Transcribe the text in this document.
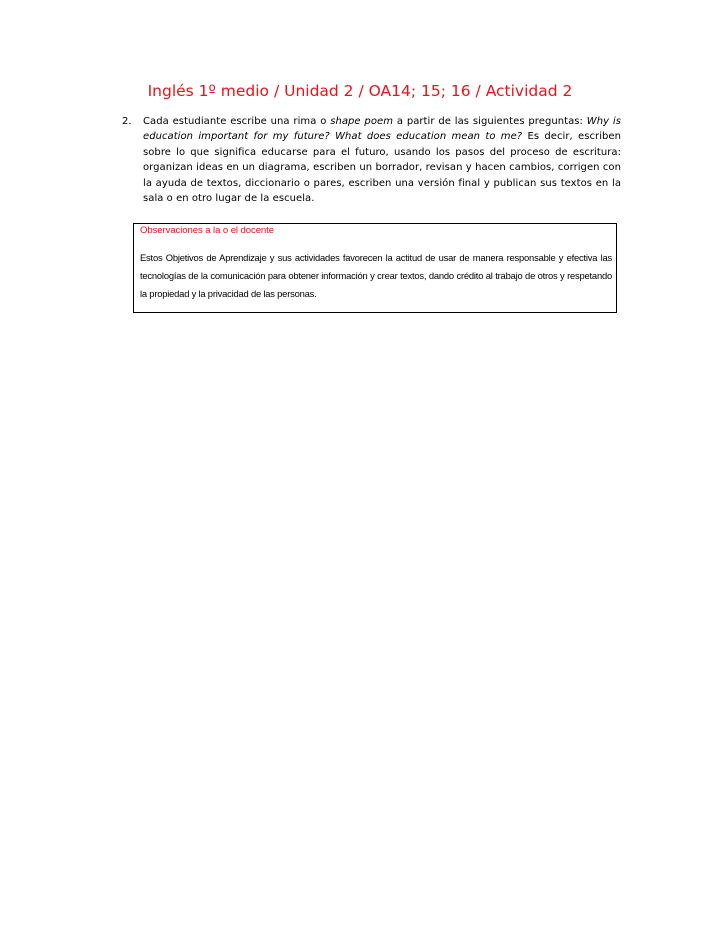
Inglés 1º medio / Unidad 2 / OA14; 15; 16 / Actividad 2
2. Cada estudiante escribe una rima o shape poem a partir de las siguientes preguntas: Why is education important for my future? What does education mean to me? Es decir, escriben sobre lo que significa educarse para el futuro, usando los pasos del proceso de escritura: organizan ideas en un diagrama, escriben un borrador, revisan y hacen cambios, corrigen con la ayuda de textos, diccionario o pares, escriben una versión final y publican sus textos en la sala o en otro lugar de la escuela.
Observaciones a la o el docente
Estos Objetivos de Aprendizaje y sus actividades favorecen la actitud de usar de manera responsable y efectiva las tecnologías de la comunicación para obtener información y crear textos, dando crédito al trabajo de otros y respetando la propiedad y la privacidad de las personas.
